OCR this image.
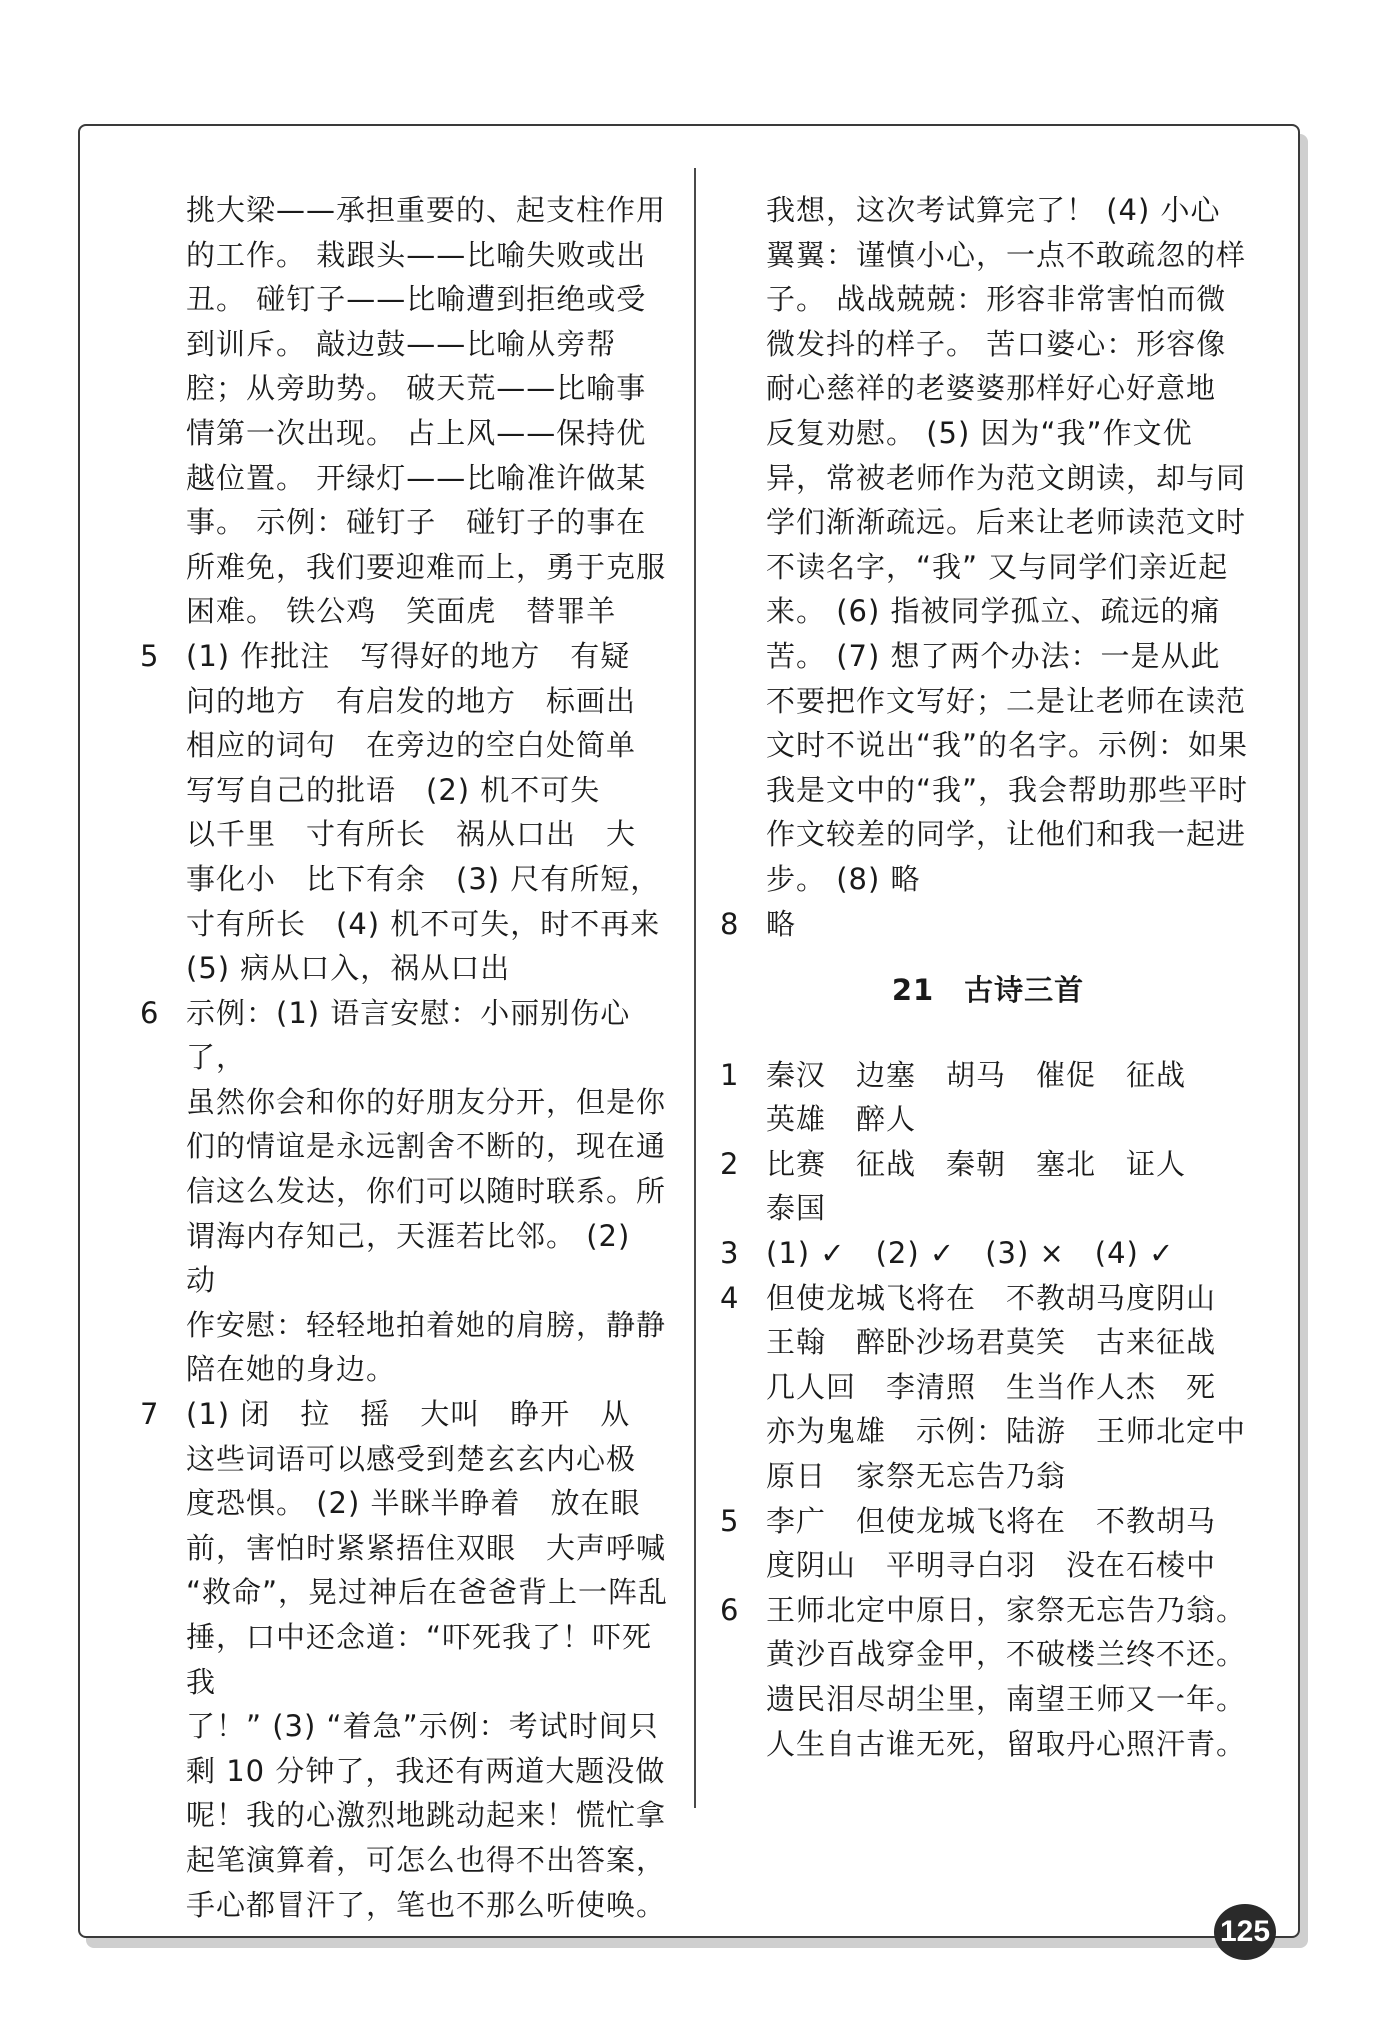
挑大梁——承担重要的、起支柱作用
的工作。 栽跟头——比喻失败或出
丑。 碰钉子——比喻遭到拒绝或受
到训斥。 敲边鼓——比喻从旁帮
腔；从旁助势。 破天荒——比喻事
情第一次出现。 占上风——保持优
越位置。 开绿灯——比喻准许做某
事。 示例：碰钉子　碰钉子的事在
所难免，我们要迎难而上，勇于克服
困难。 铁公鸡　笑面虎　替罪羊
5 (1) 作批注　写得好的地方　有疑
问的地方　有启发的地方　标画出
相应的词句　在旁边的空白处简单
写写自己的批语　(2) 机不可失
以千里　寸有所长　祸从口出　大
事化小　比下有余　(3) 尺有所短，
寸有所长　(4) 机不可失，时不再来
(5) 病从口入，祸从口出
6 示例：(1) 语言安慰：小丽别伤心了，
虽然你会和你的好朋友分开，但是你
们的情谊是永远割舍不断的，现在通
信这么发达，你们可以随时联系。所
谓海内存知己，天涯若比邻。 (2) 动
作安慰：轻轻地拍着她的肩膀，静静
陪在她的身边。
7 (1) 闭　拉　摇　大叫　睁开　从
这些词语可以感受到楚玄玄内心极
度恐惧。 (2) 半眯半睁着　放在眼
前，害怕时紧紧捂住双眼　大声呼喊
“救命”，晃过神后在爸爸背上一阵乱
捶，口中还念道：“吓死我了！吓死我
了！” (3) “着急”示例：考试时间只
剩 10 分钟了，我还有两道大题没做
呢！我的心激烈地跳动起来！慌忙拿
起笔演算着，可怎么也得不出答案，
手心都冒汗了，笔也不那么听使唤。
我想，这次考试算完了！ (4) 小心
翼翼：谨慎小心，一点不敢疏忽的样
子。 战战兢兢：形容非常害怕而微
微发抖的样子。 苦口婆心：形容像
耐心慈祥的老婆婆那样好心好意地
反复劝慰。 (5) 因为“我”作文优
异，常被老师作为范文朗读，却与同
学们渐渐疏远。后来让老师读范文时
不读名字，“我” 又与同学们亲近起
来。 (6) 指被同学孤立、疏远的痛
苦。 (7) 想了两个办法：一是从此
不要把作文写好；二是让老师在读范
文时不说出“我”的名字。示例：如果
我是文中的“我”，我会帮助那些平时
作文较差的同学，让他们和我一起进
步。 (8) 略
8 略
21　古诗三首
1 秦汉　边塞　胡马　催促　征战
英雄　醉人
2 比赛　征战　秦朝　塞北　证人
泰国
3 (1) ✓　(2) ✓　(3) ×　(4) ✓
4 但使龙城飞将在　不教胡马度阴山
王翰　醉卧沙场君莫笑　古来征战
几人回　李清照　生当作人杰　死
亦为鬼雄　示例：陆游　王师北定中
原日　家祭无忘告乃翁
5 李广　但使龙城飞将在　不教胡马
度阴山　平明寻白羽　没在石棱中
6 王师北定中原日，家祭无忘告乃翁。
黄沙百战穿金甲，不破楼兰终不还。
遗民泪尽胡尘里，南望王师又一年。
人生自古谁无死，留取丹心照汗青。
125
